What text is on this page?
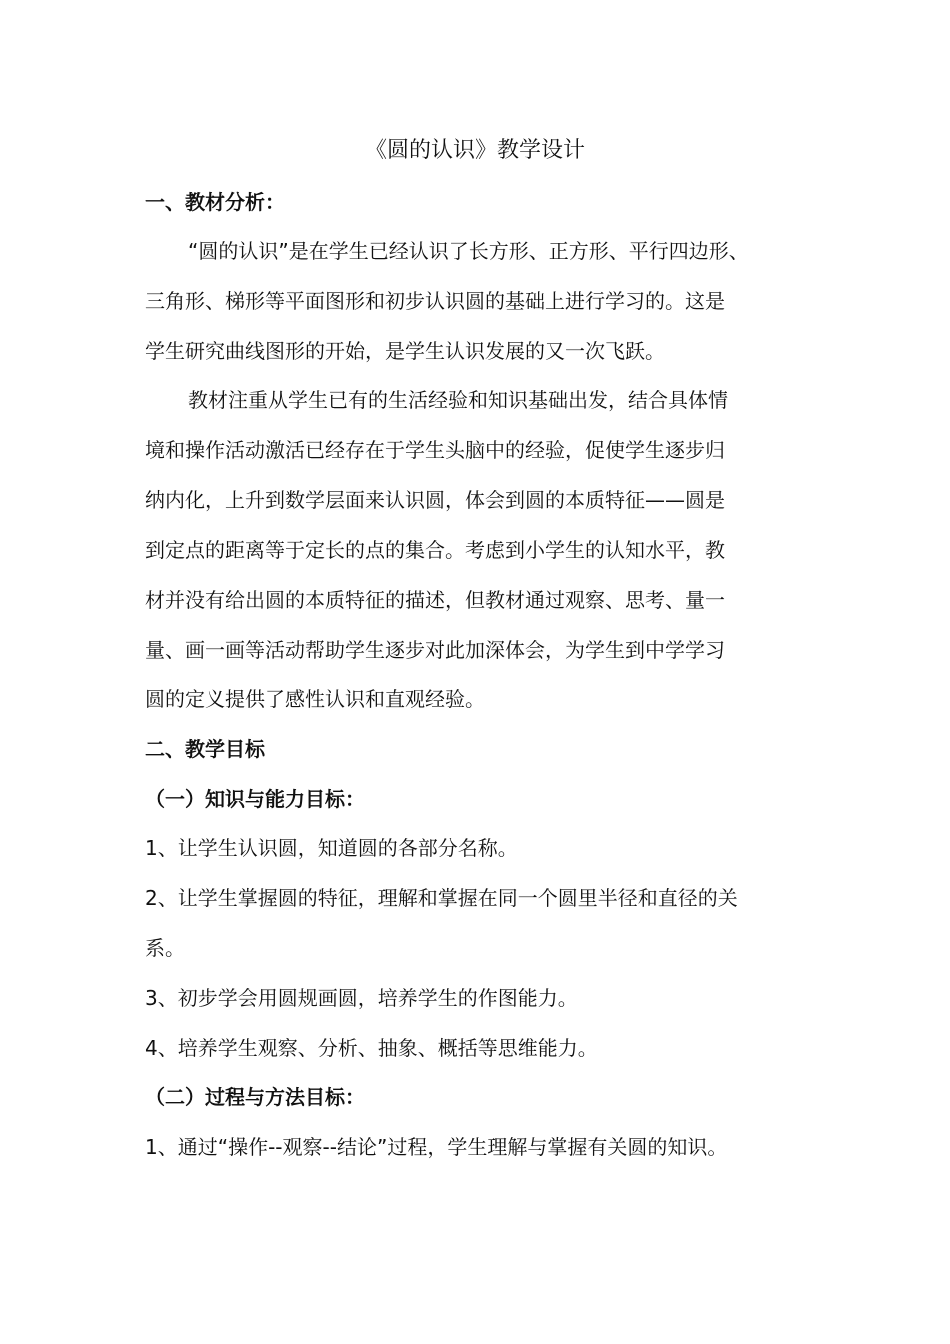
《圆的认识》教学设计
一、教材分析：
“圆的认识”是在学生已经认识了长方形、正方形、平行四边形、
三角形、梯形等平面图形和初步认识圆的基础上进行学习的。这是
学生研究曲线图形的开始，是学生认识发展的又一次飞跃。
教材注重从学生已有的生活经验和知识基础出发，结合具体情
境和操作活动激活已经存在于学生头脑中的经验，促使学生逐步归
纳内化，上升到数学层面来认识圆，体会到圆的本质特征——圆是
到定点的距离等于定长的点的集合。考虑到小学生的认知水平，教
材并没有给出圆的本质特征的描述，但教材通过观察、思考、量一
量、画一画等活动帮助学生逐步对此加深体会，为学生到中学学习
圆的定义提供了感性认识和直观经验。
二、教学目标
（一）知识与能力目标：
1、让学生认识圆，知道圆的各部分名称。
2、让学生掌握圆的特征，理解和掌握在同一个圆里半径和直径的关
系。
3、初步学会用圆规画圆，培养学生的作图能力。
4、培养学生观察、分析、抽象、概括等思维能力。
（二）过程与方法目标：
1、通过“操作--观察--结论”过程，学生理解与掌握有关圆的知识。
